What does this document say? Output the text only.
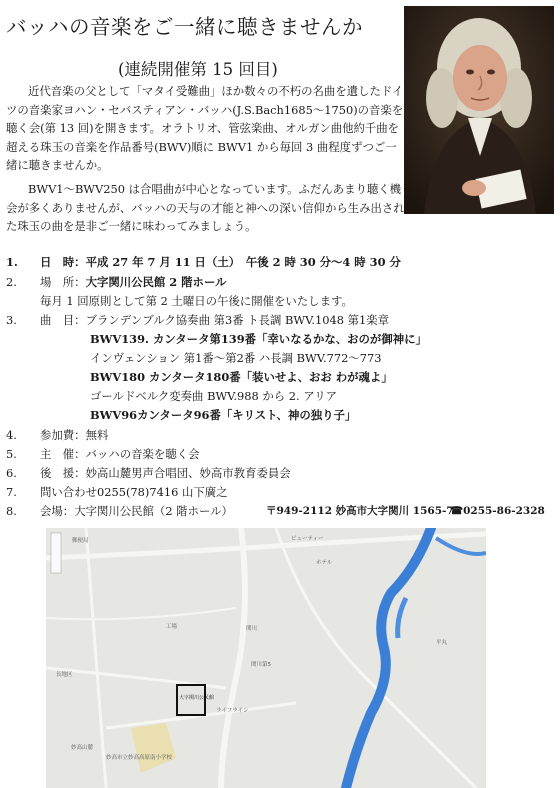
バッハの音楽をご一緒に聴きませんか
(連続開催第 15 回目)
近代音楽の父として「マタイ受難曲」ほか数々の不朽の名曲を遺したドイツの音楽家ヨハン・セバスティアン・バッハ(J.S.Bach1685～1750)の音楽を聴く会(第 13 回)を開きます。オラトリオ、管弦楽曲、オルガン曲他約千曲を超える珠玉の音楽を作品番号(BWV)順に BWV1 から毎回 3 曲程度ずつご一緒に聴きませんか。
BWV1～BWV250 は合唱曲が中心となっています。ふだんあまり聴く機会が多くありませんが、バッハの天与の才能と神への深い信仰から生み出された珠玉の曲を是非ご一緒に味わってみましょう。
1. 日　時：平成 27 年 7 月 11 日（土）　午後 2 時 30 分～4 時 30 分
2. 場　所：大字関川公民館 2 階ホール
毎月 1 回原則として第 2 土曜日の午後に開催をいたします。
3. 曲　目：ブランデンブルク協奏曲 第3番 ト長調 BWV.1048 第1楽章
BWV139. カンタータ第139番「幸いなるかな、おのが御神に」
インヴェンション 第1番～第2番 ハ長調 BWV.772～773
BWV180 カンタータ180番「装いせよ、おお わが魂よ」
ゴールドベルク変奏曲 BWV.988 から 2. アリア
BWV96カンタータ96番「キリスト、神の独り子」
4. 参加費：無料
5. 主　催：バッハの音楽を聴く会
6. 後　援：妙高山麓男声合唱団、妙高市教育委員会
7. 問い合わせ0255(78)7416 山下廣之
8. 会場：大字関川公民館（2 階ホール）	〒949-2112 妙高市大字関川 1565-7
☎0255-86-2328
郵便局	ビューティー
ホテル
関川
関川第5
大字関川公民館
ライフライン
妙高市立妙高高原南小学校
妙高山麓
工場
長地区
平丸
